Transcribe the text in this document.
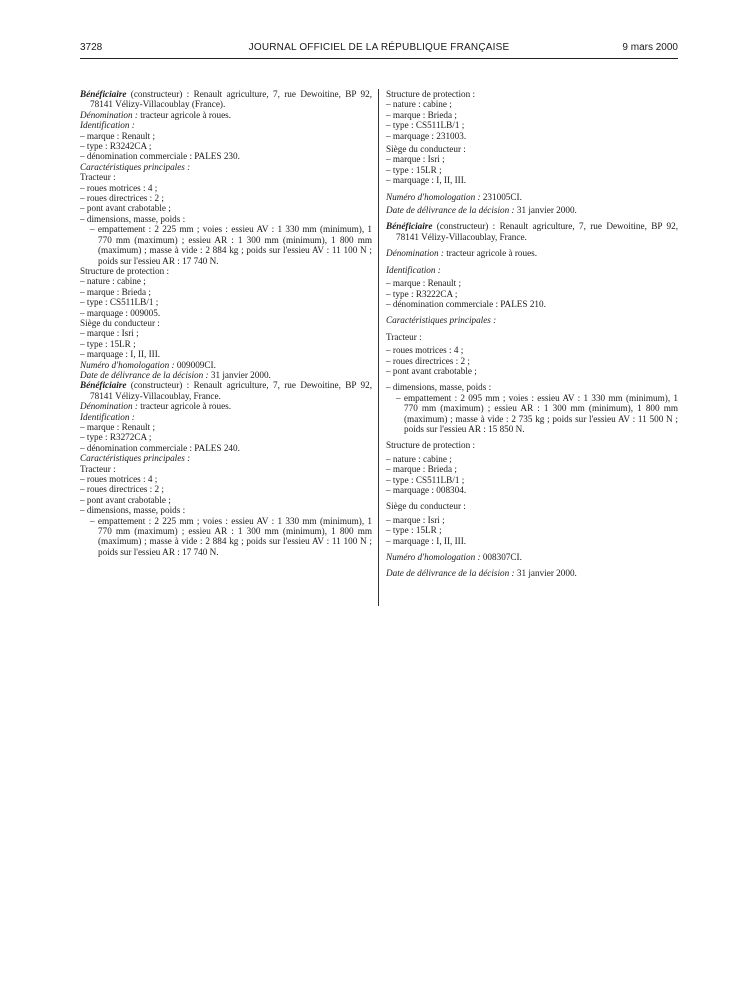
3728	JOURNAL OFFICIEL DE LA RÉPUBLIQUE FRANÇAISE	9 mars 2000
Bénéficiaire (constructeur) : Renault agriculture, 7, rue Dewoitine, BP 92, 78141 Vélizy-Villacoublay (France).
Dénomination : tracteur agricole à roues.
Identification :
– marque : Renault ;
– type : R3242CA ;
– dénomination commerciale : PALES 230.
Caractéristiques principales :
Tracteur :
– roues motrices : 4 ;
– roues directrices : 2 ;
– pont avant crabotable ;
– dimensions, masse, poids :
– empattement : 2 225 mm ; voies : essieu AV : 1 330 mm (minimum), 1 770 mm (maximum) ; essieu AR : 1 300 mm (minimum), 1 800 mm (maximum) ; masse à vide : 2 884 kg ; poids sur l'essieu AV : 11 100 N ; poids sur l'essieu AR : 17 740 N.
Structure de protection :
– nature : cabine ;
– marque : Brieda ;
– type : CS511LB/1 ;
– marquage : 009005.
Siège du conducteur :
– marque : Isri ;
– type : 15LR ;
– marquage : I, II, III.
Numéro d'homologation : 009009CI.
Date de délivrance de la décision : 31 janvier 2000.
Bénéficiaire (constructeur) : Renault agriculture, 7, rue Dewoitine, BP 92, 78141 Vélizy-Villacoublay, France.
Dénomination : tracteur agricole à roues.
Identification :
– marque : Renault ;
– type : R3272CA ;
– dénomination commerciale : PALES 240.
Caractéristiques principales :
Tracteur :
– roues motrices : 4 ;
– roues directrices : 2 ;
– pont avant crabotable ;
– dimensions, masse, poids :
– empattement : 2 225 mm ; voies : essieu AV : 1 330 mm (minimum), 1 770 mm (maximum) ; essieu AR : 1 300 mm (minimum), 1 800 mm (maximum) ; masse à vide : 2 884 kg ; poids sur l'essieu AV : 11 100 N ; poids sur l'essieu AR : 17 740 N.
Structure de protection :
– nature : cabine ;
– marque : Brieda ;
– type : CS511LB/1 ;
– marquage : 231003.
Siège du conducteur :
– marque : Isri ;
– type : 15LR ;
– marquage : I, II, III.
Numéro d'homologation : 231005CI.
Date de délivrance de la décision : 31 janvier 2000.
Bénéficiaire (constructeur) : Renault agriculture, 7, rue Dewoitine, BP 92, 78141 Vélizy-Villacoublay, France.
Dénomination : tracteur agricole à roues.
Identification :
– marque : Renault ;
– type : R3222CA ;
– dénomination commerciale : PALES 210.
Caractéristiques principales :
Tracteur :
– roues motrices : 4 ;
– roues directrices : 2 ;
– pont avant crabotable ;
– dimensions, masse, poids :
– empattement : 2 095 mm ; voies : essieu AV : 1 330 mm (minimum), 1 770 mm (maximum) ; essieu AR : 1 300 mm (minimum), 1 800 mm (maximum) ; masse à vide : 2 735 kg ; poids sur l'essieu AV : 11 500 N ; poids sur l'essieu AR : 15 850 N.
Structure de protection :
– nature : cabine ;
– marque : Brieda ;
– type : CS511LB/1 ;
– marquage : 008304.
Siège du conducteur :
– marque : Isri ;
– type : 15LR ;
– marquage : I, II, III.
Numéro d'homologation : 008307CI.
Date de délivrance de la décision : 31 janvier 2000.
